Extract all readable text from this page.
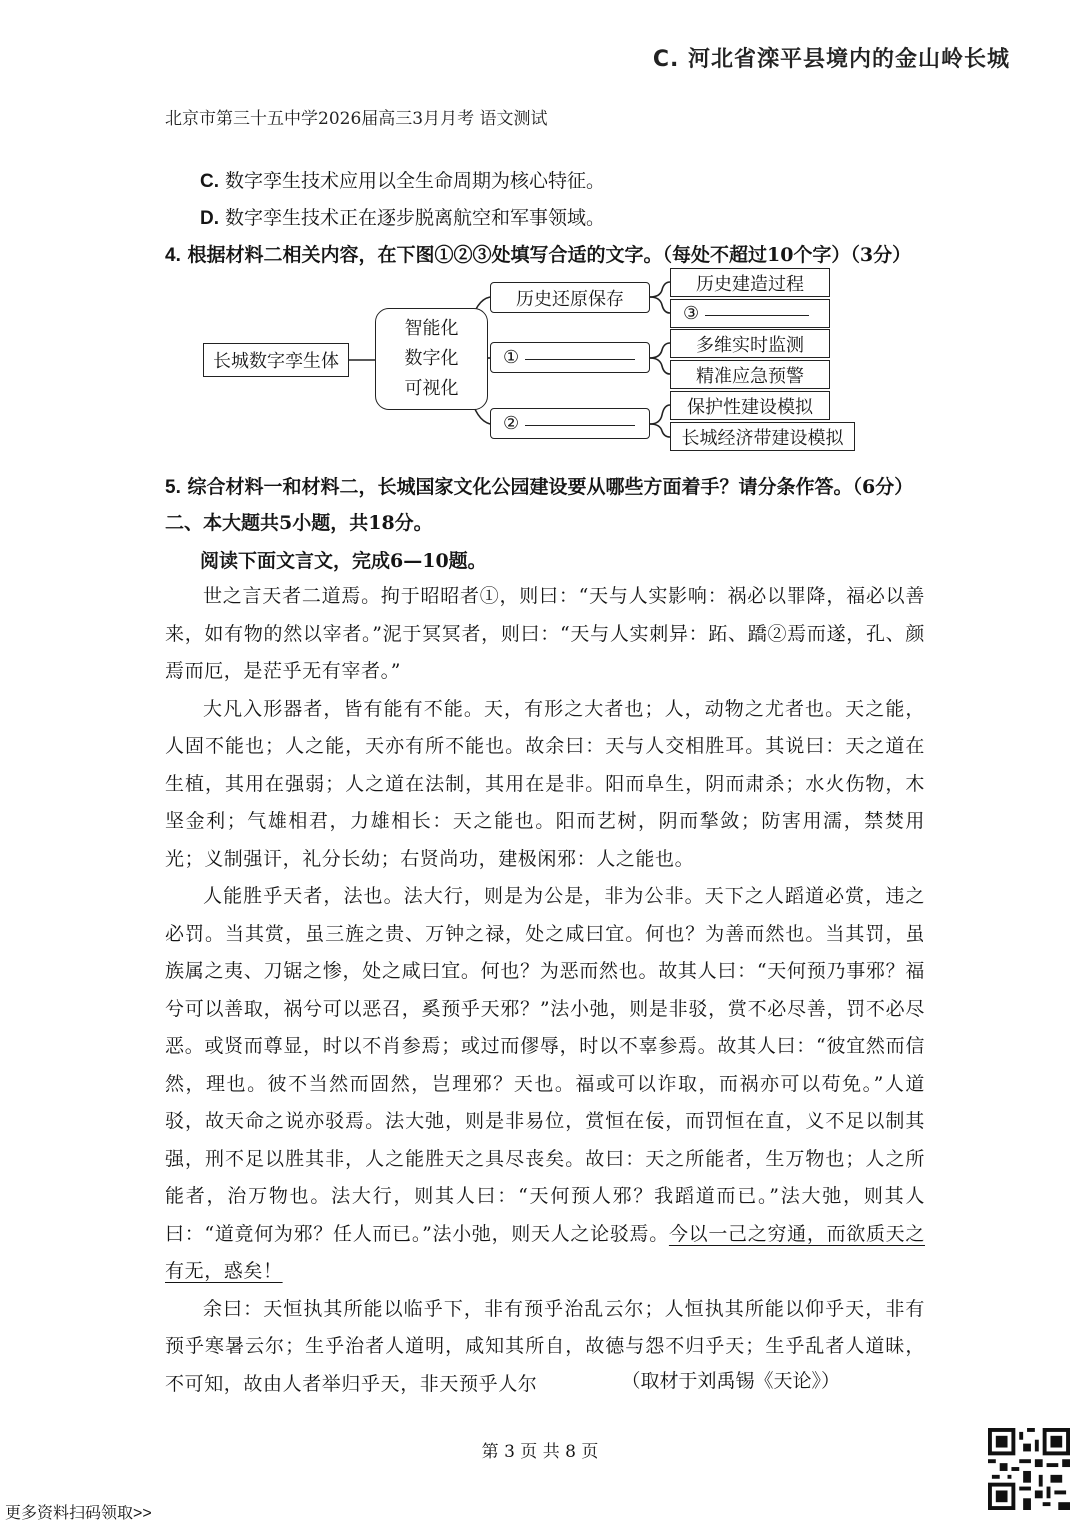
C. 河北省滦平县境内的金山岭长城
北京市第三十五中学2026届高三3月月考 语文测试
C. 数字孪生技术应用以全生命周期为核心特征。
D. 数字孪生技术正在逐步脱离航空和军事领域。
4. 根据材料二相关内容，在下图①②③处填写合适的文字。（每处不超过10个字）（3分）
长城数字孪生体
智能化
数字化
可视化
历史还原保存
①
②
历史建造过程
③
多维实时监测
精准应急预警
保护性建设模拟
长城经济带建设模拟
5. 综合材料一和材料二，长城国家文化公园建设要从哪些方面着手？请分条作答。（6分）
二、本大题共5小题，共18分。
阅读下面文言文，完成6—10题。

世之言天者二道焉。拘于昭昭者①，则曰：“天与人实影响：祸必以罪降，福必以善来，如有物的然以宰者。”泥于冥冥者，则曰：“天与人实刺异：跖、蹻②焉而遂，孔、颜焉而厄，是茫乎无有宰者。”

大凡入形器者，皆有能有不能。天，有形之大者也；人，动物之尤者也。天之能，人固不能也；人之能，天亦有所不能也。故余曰：天与人交相胜耳。其说曰：天之道在生植，其用在强弱；人之道在法制，其用在是非。阳而阜生，阴而肃杀；水火伤物，木坚金利；气雄相君，力雄相长：天之能也。阳而艺树，阴而揫敛；防害用濡，禁焚用光；义制强讦，礼分长幼；右贤尚功，建极闲邪：人之能也。

人能胜乎天者，法也。法大行，则是为公是，非为公非。天下之人蹈道必赏，违之必罚。当其赏，虽三旌之贵、万钟之禄，处之咸曰宜。何也？为善而然也。当其罚，虽族属之夷、刀锯之惨，处之咸曰宜。何也？为恶而然也。故其人曰：“天何预乃事邪？福兮可以善取，祸兮可以恶召，奚预乎天邪？”法小弛，则是非驳，赏不必尽善，罚不必尽恶。或贤而尊显，时以不肖参焉；或过而僇辱，时以不辜参焉。故其人曰：“彼宜然而信然，理也。彼不当然而固然，岂理邪？天也。福或可以诈取，而祸亦可以苟免。”人道驳，故天命之说亦驳焉。法大弛，则是非易位，赏恒在佞，而罚恒在直，义不足以制其强，刑不足以胜其非，人之能胜天之具尽丧矣。故曰：天之所能者，生万物也；人之所能者，治万物也。法大行，则其人曰：“天何预人邪？我蹈道而已。”法大弛，则其人曰：“道竟何为邪？任人而已。”法小弛，则天人之论驳焉。今以一己之穷通，而欲质天之有无，惑矣！

余曰：天恒执其所能以临乎下，非有预乎治乱云尔；人恒执其所能以仰乎天，非有预乎寒暑云尔；生乎治者人道明，咸知其所自，故德与怨不归乎天；生乎乱者人道昧，不可知，故由人者举归乎天，非天预乎人尔	（取材于刘禹锡《天论》）
第 3 页 共 8 页
更多资料扫码领取>>
